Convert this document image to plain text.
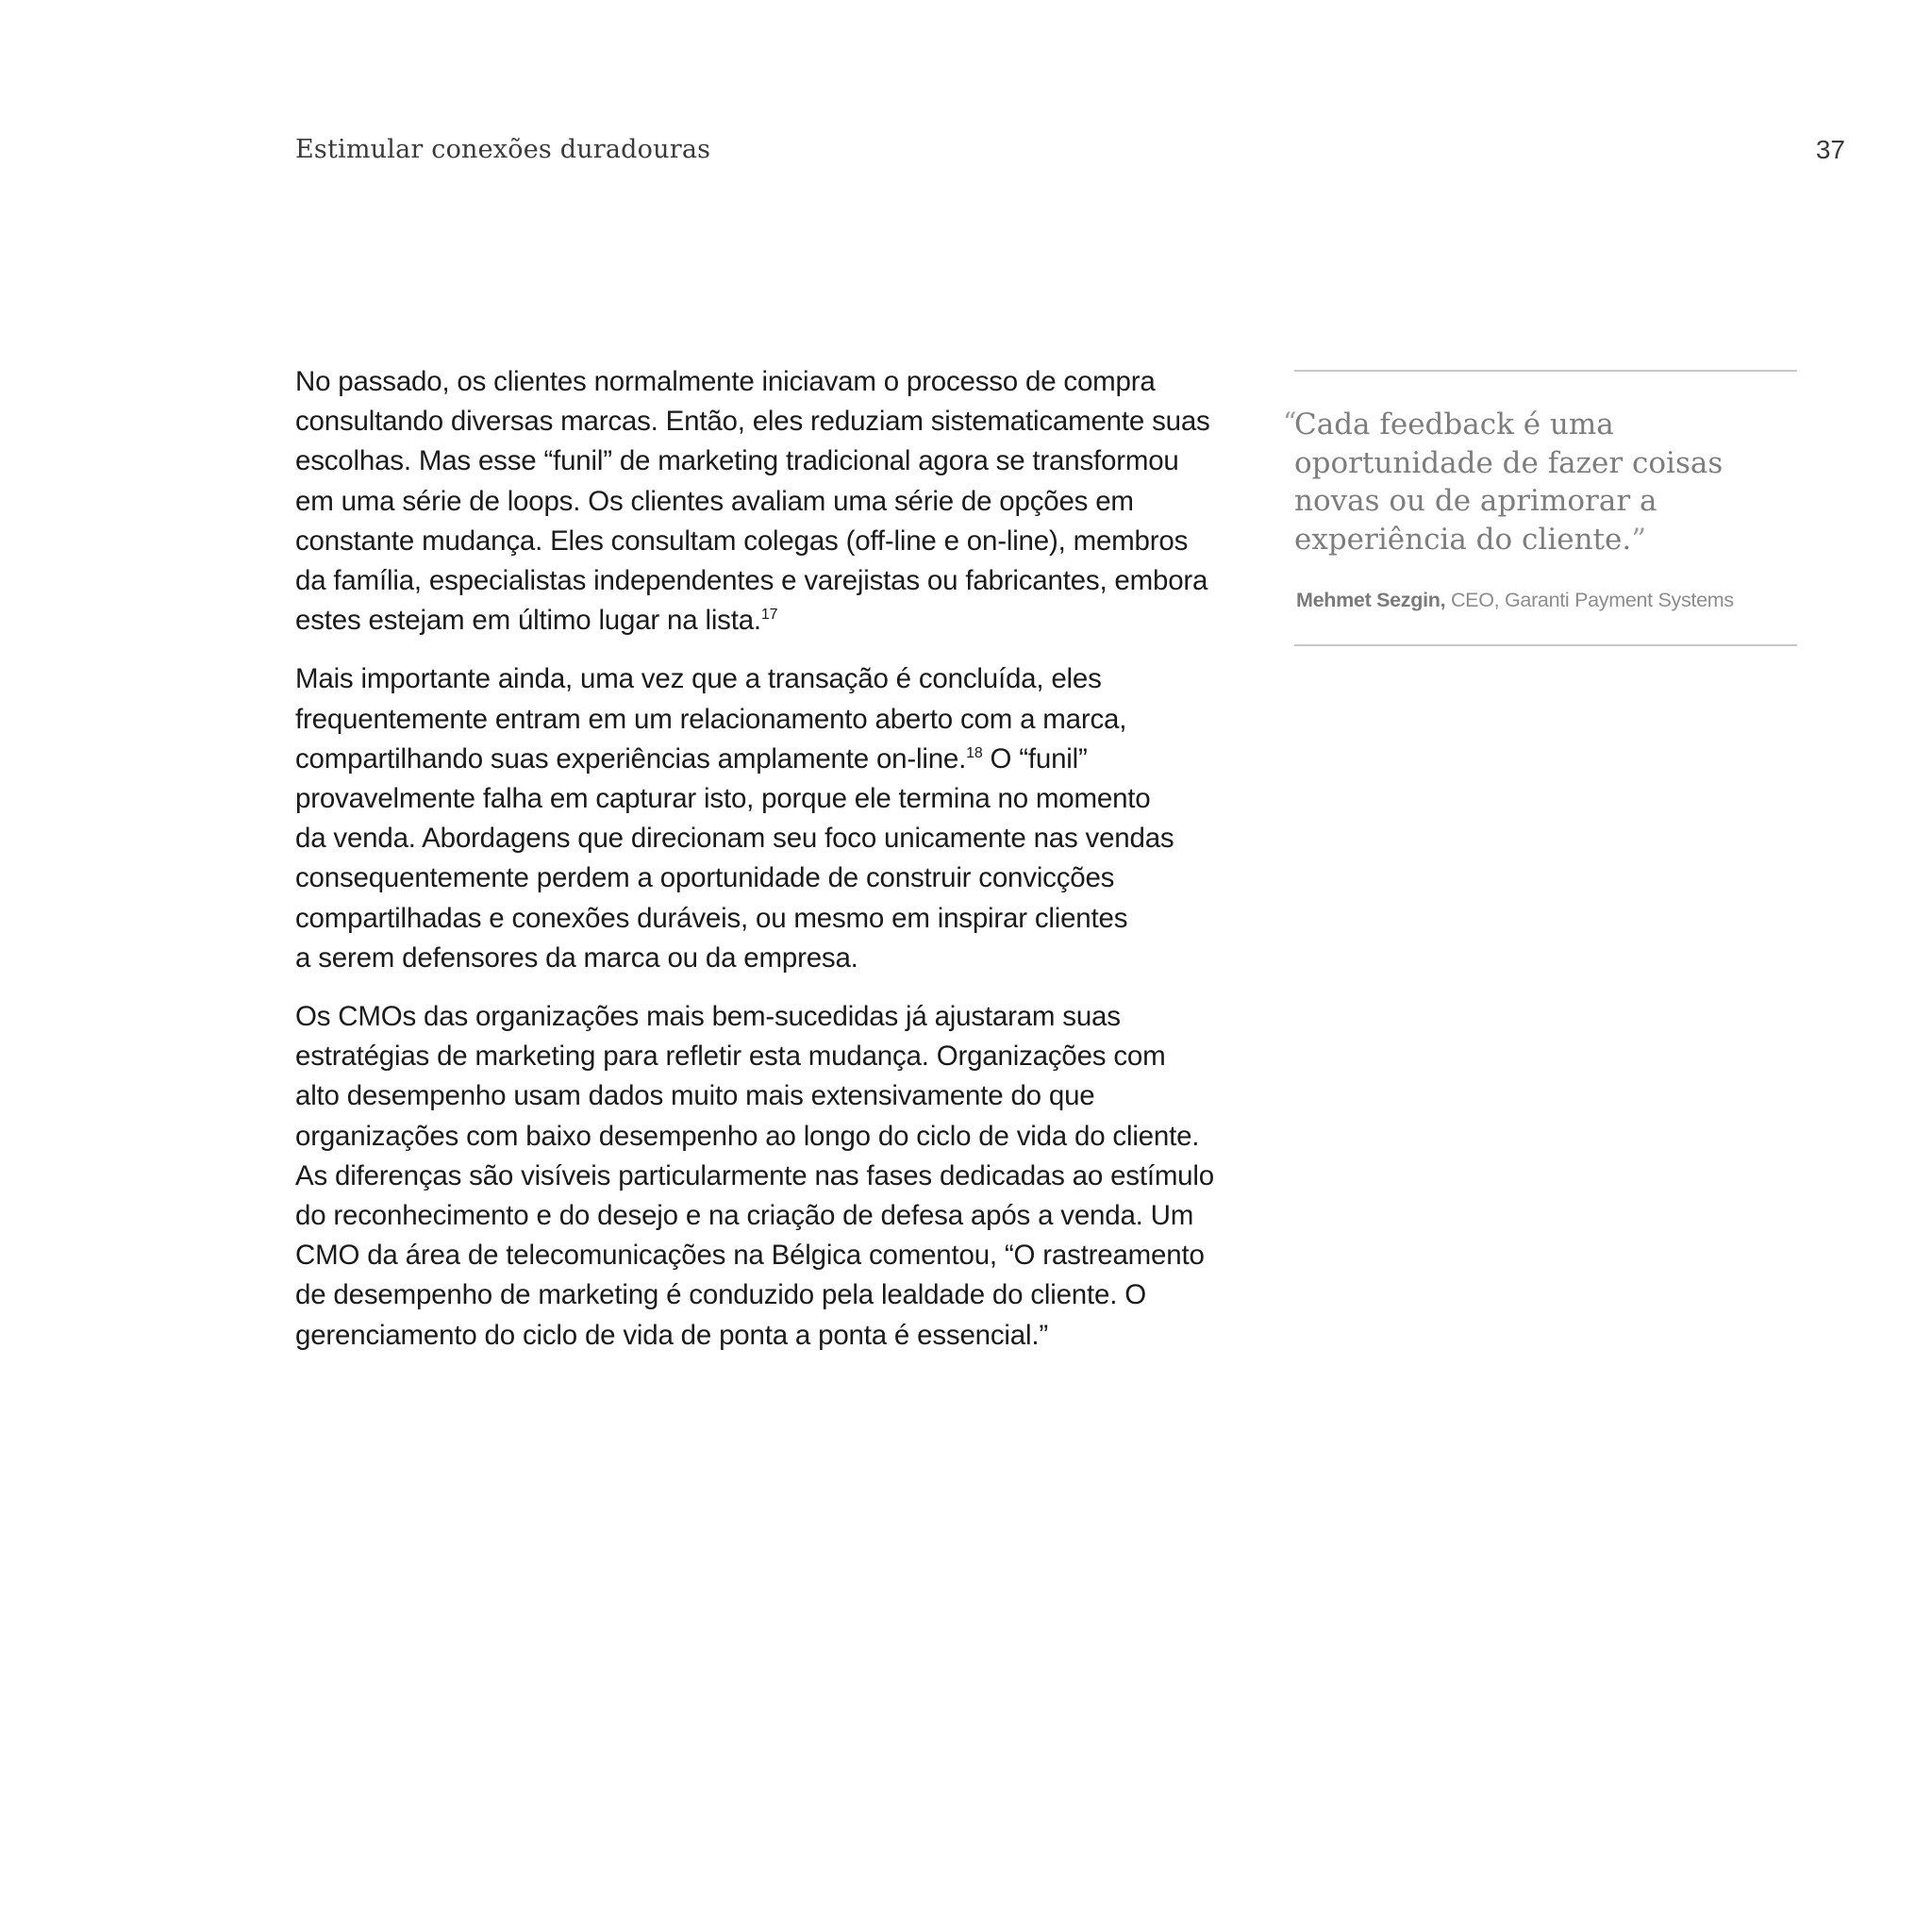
Estimular conexões duradouras	37

No passado, os clientes normalmente iniciavam o processo de compra
consultando diversas marcas. Então, eles reduziam sistematicamente suas
escolhas. Mas esse “funil” de marketing tradicional agora se transformou
em uma série de loops. Os clientes avaliam uma série de opções em
constante mudança. Eles consultam colegas (off-line e on-line), membros
da família, especialistas independentes e varejistas ou fabricantes, embora
estes estejam em último lugar na lista.$^{17}$

Mais importante ainda, uma vez que a transação é concluída, eles
frequentemente entram em um relacionamento aberto com a marca,
compartilhando suas experiências amplamente on-line.$^{18}$ O “funil”
provavelmente falha em capturar isto, porque ele termina no momento
da venda. Abordagens que direcionam seu foco unicamente nas vendas
consequentemente perdem a oportunidade de construir convicções
compartilhadas e conexões duráveis, ou mesmo em inspirar clientes
a serem defensores da marca ou da empresa.

Os CMOs das organizações mais bem-sucedidas já ajustaram suas
estratégias de marketing para refletir esta mudança. Organizações com
alto desempenho usam dados muito mais extensivamente do que
organizações com baixo desempenho ao longo do ciclo de vida do cliente.
As diferenças são visíveis particularmente nas fases dedicadas ao estímulo
do reconhecimento e do desejo e na criação de defesa após a venda. Um
CMO da área de telecomunicações na Bélgica comentou, “O rastreamento
de desempenho de marketing é conduzido pela lealdade do cliente. O
gerenciamento do ciclo de vida de ponta a ponta é essencial.”

“
Cada feedback é uma
oportunidade de fazer coisas
novas ou de aprimorar a
experiência do cliente.”
Mehmet Sezgin, CEO, Garanti Payment Systems
